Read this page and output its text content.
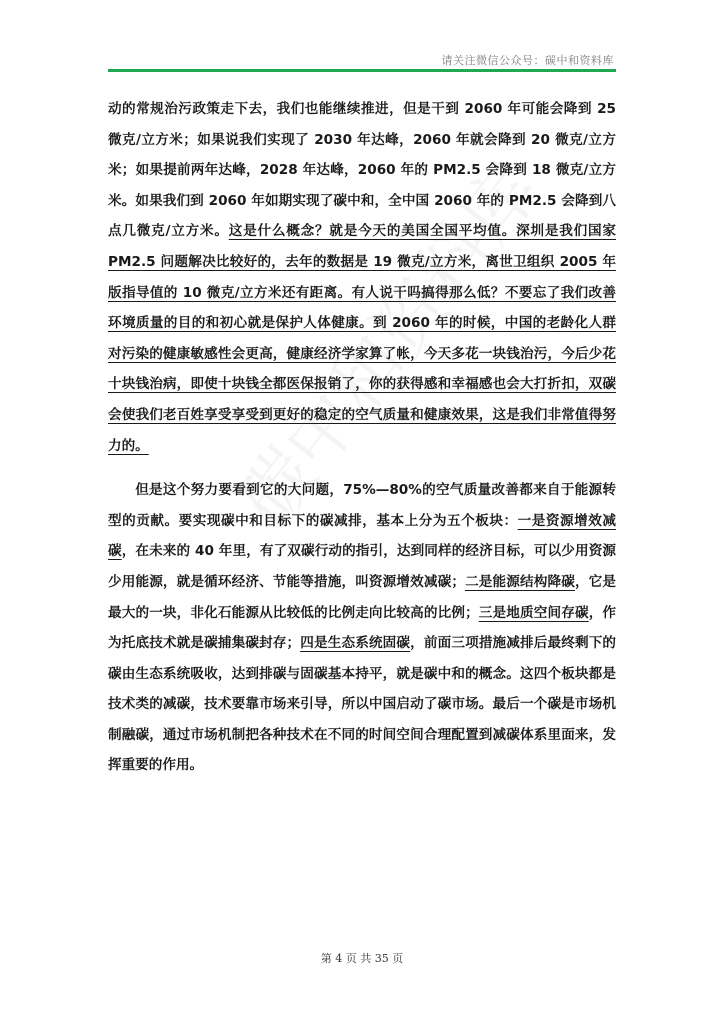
请关注微信公众号：碳中和资料库

动的常规治污政策走下去，我们也能继续推进，但是干到 2060 年可能会降到 25 微克/立方米；如果说我们实现了 2030 年达峰，2060 年就会降到 20 微克/立方米；如果提前两年达峰，2028 年达峰，2060 年的 PM2.5 会降到 18 微克/立方米。如果我们到 2060 年如期实现了碳中和，全中国 2060 年的 PM2.5 会降到八点几微克/立方米。这是什么概念？就是今天的美国全国平均值。深圳是我们国家 PM2.5 问题解决比较好的，去年的数据是 19 微克/立方米，离世卫组织 2005 年版指导值的 10 微克/立方米还有距离。有人说干吗搞得那么低？不要忘了我们改善环境质量的目的和初心就是保护人体健康。到 2060 年的时候，中国的老龄化人群对污染的健康敏感性会更高，健康经济学家算了帐，今天多花一块钱治污，今后少花十块钱治病，即使十块钱全都医保报销了，你的获得感和幸福感也会大打折扣，双碳会使我们老百姓享受享受到更好的稳定的空气质量和健康效果，这是我们非常值得努力的。

但是这个努力要看到它的大问题，75%—80%的空气质量改善都来自于能源转型的贡献。要实现碳中和目标下的碳减排，基本上分为五个板块：一是资源增效减碳，在未来的 40 年里，有了双碳行动的指引，达到同样的经济目标，可以少用资源少用能源，就是循环经济、节能等措施，叫资源增效减碳；二是能源结构降碳，它是最大的一块，非化石能源从比较低的比例走向比较高的比例；三是地质空间存碳，作为托底技术就是碳捕集碳封存；四是生态系统固碳，前面三项措施减排后最终剩下的碳由生态系统吸收，达到排碳与固碳基本持平，就是碳中和的概念。这四个板块都是技术类的减碳，技术要靠市场来引导，所以中国启动了碳市场。最后一个碳是市场机制融碳，通过市场机制把各种技术在不同的时间空间合理配置到减碳体系里面来，发挥重要的作用。

第 4 页 共 35 页
